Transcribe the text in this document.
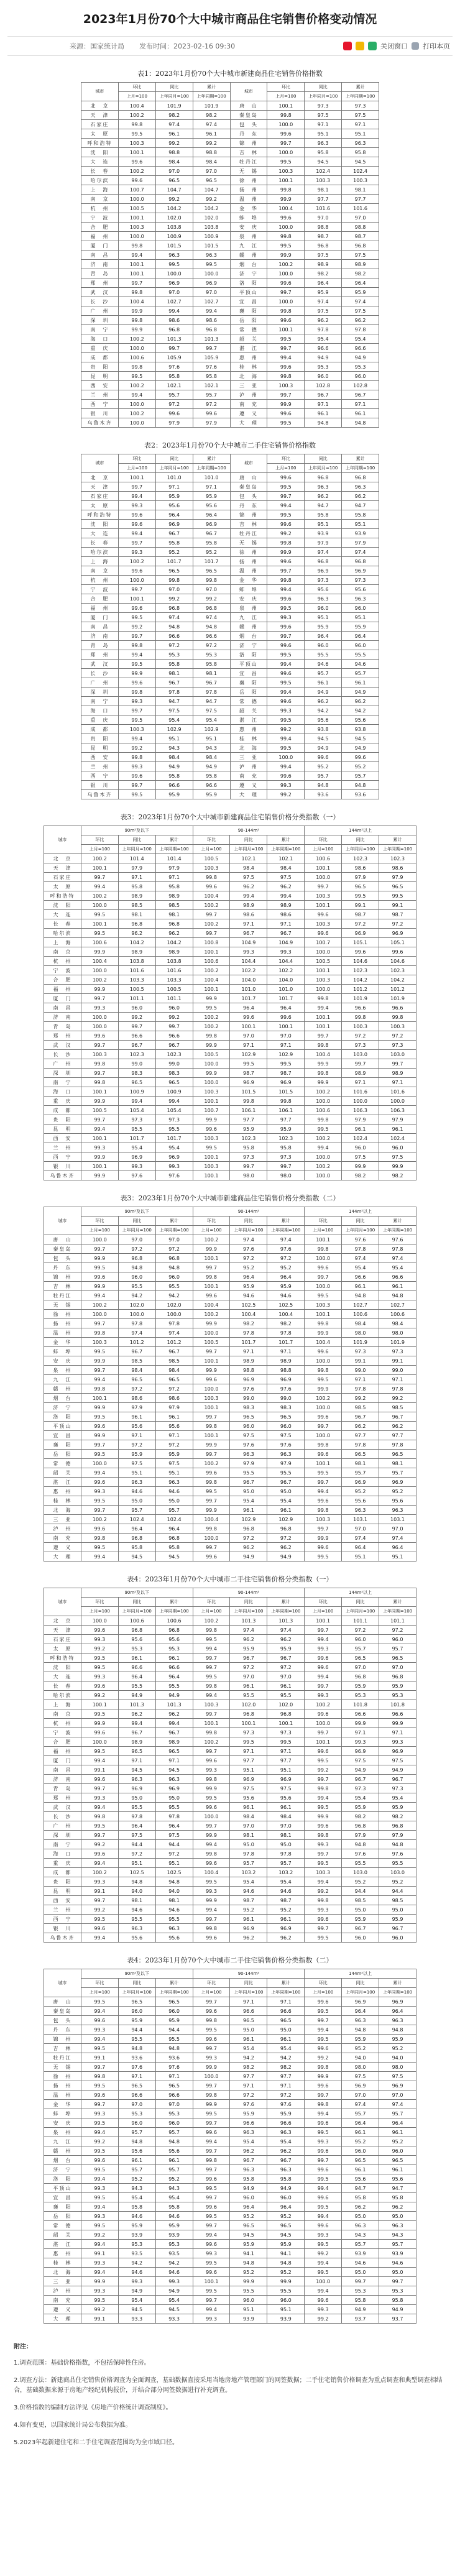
2023年1月份70个大中城市商品住宅销售价格变动情况
来源：国家统计局 发布时间：2023-02-16 09:30	关闭窗口 打印本页
表1：2023年1月份70个大中城市新建商品住宅销售价格指数
城市	环比	同比	累计	城市	环比	同比	累计
	上月=100	上年同月=100	上年同期=100		上月=100	上年同月=100	上年同期=100
北　京	100.4	101.9	101.9	唐　山	100.1	97.3	97.3
天　津	100.2	98.2	98.2	秦皇岛	99.8	97.5	97.5
石家庄	99.8	97.4	97.4	包　头	100.0	97.1	97.1
太　原	99.5	96.1	96.1	丹　东	99.6	95.1	95.1
呼和浩特	100.3	99.2	99.2	锦　州	99.7	96.3	96.3
沈　阳	100.1	98.8	98.8	吉　林	100.0	95.8	95.8
大　连	99.6	98.4	98.4	牡丹江	99.5	94.5	94.5
长　春	100.2	97.0	97.0	无　锡	100.3	102.4	102.4
哈尔滨	99.6	96.5	96.5	徐　州	100.1	100.3	100.3
上　海	100.7	104.7	104.7	扬　州	99.8	98.1	98.1
南　京	100.0	99.2	99.2	温　州	99.9	97.7	97.7
杭　州	100.5	104.2	104.2	金　华	100.4	101.6	101.6
宁　波	100.1	102.0	102.0	蚌　埠	99.6	97.0	97.0
合　肥	100.3	103.8	103.8	安　庆	100.0	98.8	98.8
福　州	100.0	100.9	100.9	泉　州	99.8	98.7	98.7
厦　门	99.8	101.5	101.5	九　江	99.5	96.8	96.8
南　昌	99.4	96.3	96.3	赣　州	99.9	97.5	97.5
济　南	100.1	99.5	99.5	烟　台	100.2	98.9	98.9
青　岛	100.1	100.0	100.0	济　宁	100.0	98.2	98.2
郑　州	99.7	96.9	96.9	洛　阳	99.6	96.4	96.4
武　汉	99.8	97.0	97.0	平顶山	99.7	95.9	95.9
长　沙	100.4	102.7	102.7	宜　昌	100.0	97.4	97.4
广　州	99.9	99.4	99.4	襄　阳	99.8	97.5	97.5
深　圳	99.8	98.6	98.6	岳　阳	99.6	96.2	96.2
南　宁	99.9	96.8	96.8	常　德	100.1	97.8	97.8
海　口	100.2	101.3	101.3	韶　关	99.5	95.4	95.4
重　庆	100.0	99.7	99.7	湛　江	99.7	96.6	96.6
成　都	100.6	105.9	105.9	惠　州	99.4	94.9	94.9
贵　阳	99.8	97.6	97.6	桂　林	99.6	95.3	95.3
昆　明	99.5	95.8	95.8	北　海	99.8	96.0	96.0
西　安	100.2	102.1	102.1	三　亚	100.3	102.8	102.8
兰　州	99.4	95.7	95.7	泸　州	99.7	96.7	96.7
西　宁	100.0	97.2	97.2	南　充	99.9	97.1	97.1
银　川	100.2	99.6	99.6	遵　义	99.6	96.1	96.1
乌鲁木齐	100.0	97.9	97.9	大　理	99.5	94.8	94.8
表2：2023年1月份70个大中城市二手住宅销售价格指数
城市	环比	同比	累计	城市	环比	同比	累计
	上月=100	上年同月=100	上年同期=100		上月=100	上年同月=100	上年同期=100
北　京	100.1	101.0	101.0	唐　山	99.6	96.8	96.8
天　津	99.7	97.1	97.1	秦皇岛	99.5	96.3	96.3
石家庄	99.4	95.9	95.9	包　头	99.7	96.2	96.2
太　原	99.3	95.6	95.6	丹　东	99.4	94.7	94.7
呼和浩特	99.6	96.4	96.4	锦　州	99.5	95.8	95.8
沈　阳	99.6	96.9	96.9	吉　林	99.6	95.1	95.1
大　连	99.4	96.7	96.7	牡丹江	99.2	93.9	93.9
长　春	99.7	95.8	95.8	无　锡	99.8	97.9	97.9
哈尔滨	99.3	95.2	95.2	徐　州	99.9	97.4	97.4
上　海	100.2	101.7	101.7	扬　州	99.6	96.8	96.8
南　京	99.6	96.5	96.5	温　州	99.7	96.9	96.9
杭　州	100.0	99.8	99.8	金　华	99.8	97.3	97.3
宁　波	99.7	97.0	97.0	蚌　埠	99.4	95.6	95.6
合　肥	100.1	99.2	99.2	安　庆	99.6	96.3	96.3
福　州	99.6	96.8	96.8	泉　州	99.5	96.0	96.0
厦　门	99.5	97.4	97.4	九　江	99.3	95.1	95.1
南　昌	99.2	94.8	94.8	赣　州	99.6	95.9	95.9
济　南	99.7	96.6	96.6	烟　台	99.7	96.4	96.4
青　岛	99.8	97.2	97.2	济　宁	99.6	96.0	96.0
郑　州	99.4	95.3	95.3	洛　阳	99.5	95.5	95.5
武　汉	99.5	95.8	95.8	平顶山	99.4	94.6	94.6
长　沙	99.9	98.1	98.1	宜　昌	99.6	95.7	95.7
广　州	99.6	96.7	96.7	襄　阳	99.5	96.1	96.1
深　圳	99.8	97.8	97.8	岳　阳	99.4	94.9	94.9
南　宁	99.3	94.7	94.7	常　德	99.6	96.2	96.2
海　口	99.7	97.5	97.5	韶　关	99.3	94.2	94.2
重　庆	99.5	95.4	95.4	湛　江	99.5	95.6	95.6
成　都	100.3	102.9	102.9	惠　州	99.2	93.8	93.8
贵　阳	99.4	95.1	95.1	桂　林	99.4	94.5	94.5
昆　明	99.2	94.3	94.3	北　海	99.5	94.9	94.9
西　安	99.8	98.4	98.4	三　亚	100.0	99.6	99.6
兰　州	99.3	94.9	94.9	泸　州	99.4	95.2	95.2
西　宁	99.6	95.8	95.8	南　充	99.6	95.7	95.7
银　川	99.7	96.6	96.6	遵　义	99.3	94.8	94.8
乌鲁木齐	99.5	95.9	95.9	大　理	99.2	93.6	93.6
表3：2023年1月份70个大中城市新建商品住宅销售价格分类指数（一）
城市	90m²及以下			90-144m²			144m²以上		
	环比	同比	累计	环比	同比	累计	环比	同比	累计
	上月=100	上年同月=100	上年同期=100	上月=100	上年同月=100	上年同期=100	上月=100	上年同月=100	上年同期=100
北　京	100.2	101.4	101.4	100.5	102.1	102.1	100.6	102.3	102.3
天　津	100.1	97.9	97.9	100.3	98.4	98.4	100.1	98.6	98.6
石家庄	99.7	97.1	97.1	99.8	97.5	97.5	100.0	97.9	97.9
太　原	99.4	95.8	95.8	99.6	96.2	96.2	99.7	96.5	96.5
呼和浩特	100.2	98.9	98.9	100.4	99.4	99.4	100.3	99.5	99.5
沈　阳	100.0	98.5	98.5	100.2	98.9	98.9	100.1	99.1	99.1
大　连	99.5	98.1	98.1	99.7	98.6	98.6	99.6	98.7	98.7
长　春	100.1	96.8	96.8	100.2	97.1	97.1	100.3	97.2	97.2
哈尔滨	99.5	96.2	96.2	99.7	96.7	96.7	99.6	96.9	96.9
上　海	100.6	104.2	104.2	100.8	104.9	104.9	100.7	105.1	105.1
南　京	99.9	98.9	98.9	100.1	99.3	99.3	100.0	99.6	99.6
杭　州	100.4	103.8	103.8	100.6	104.4	104.4	100.5	104.6	104.6
宁　波	100.0	101.6	101.6	100.2	102.2	102.2	100.1	102.3	102.3
合　肥	100.2	103.3	103.3	100.4	104.0	104.0	100.3	104.2	104.2
福　州	99.9	100.5	100.5	100.1	101.0	101.0	100.0	101.2	101.2
厦　门	99.7	101.1	101.1	99.9	101.7	101.7	99.8	101.9	101.9
南　昌	99.3	96.0	96.0	99.5	96.4	96.4	99.4	96.6	96.6
济　南	100.0	99.2	99.2	100.2	99.6	99.6	100.1	99.8	99.8
青　岛	100.0	99.7	99.7	100.2	100.1	100.1	100.1	100.3	100.3
郑　州	99.6	96.6	96.6	99.8	97.0	97.0	99.7	97.2	97.2
武　汉	99.7	96.7	96.7	99.9	97.1	97.1	99.8	97.3	97.3
长　沙	100.3	102.3	102.3	100.5	102.9	102.9	100.4	103.0	103.0
广　州	99.8	99.0	99.0	100.0	99.5	99.5	99.9	99.7	99.7
深　圳	99.7	98.3	98.3	99.9	98.7	98.7	99.8	98.9	98.9
南　宁	99.8	96.5	96.5	100.0	96.9	96.9	99.9	97.1	97.1
海　口	100.1	100.9	100.9	100.3	101.5	101.5	100.2	101.6	101.6
重　庆	99.9	99.4	99.4	100.1	99.8	99.8	100.0	100.0	100.0
成　都	100.5	105.4	105.4	100.7	106.1	106.1	100.6	106.3	106.3
贵　阳	99.7	97.3	97.3	99.9	97.7	97.7	99.8	97.9	97.9
昆　明	99.4	95.5	95.5	99.6	95.9	95.9	99.5	96.1	96.1
西　安	100.1	101.7	101.7	100.3	102.3	102.3	100.2	102.4	102.4
兰　州	99.3	95.4	95.4	99.5	95.8	95.8	99.4	96.0	96.0
西　宁	99.9	96.9	96.9	100.1	97.3	97.3	100.0	97.5	97.5
银　川	100.1	99.3	99.3	100.3	99.7	99.7	100.2	99.9	99.9
乌鲁木齐	99.9	97.6	97.6	100.1	98.0	98.0	100.0	98.2	98.2
表3：2023年1月份70个大中城市新建商品住宅销售价格分类指数（二）
城市	90m²及以下			90-144m²			144m²以上		
	环比	同比	累计	环比	同比	累计	环比	同比	累计
	上月=100	上年同月=100	上年同期=100	上月=100	上年同月=100	上年同期=100	上月=100	上年同月=100	上年同期=100
唐　山	100.0	97.0	97.0	100.2	97.4	97.4	100.1	97.6	97.6
秦皇岛	99.7	97.2	97.2	99.9	97.6	97.6	99.8	97.8	97.8
包　头	99.9	96.8	96.8	100.1	97.2	97.2	100.0	97.4	97.4
丹　东	99.5	94.8	94.8	99.7	95.2	95.2	99.6	95.4	95.4
锦　州	99.6	96.0	96.0	99.8	96.4	96.4	99.7	96.6	96.6
吉　林	99.9	95.5	95.5	100.1	95.9	95.9	100.0	96.1	96.1
牡丹江	99.4	94.2	94.2	99.6	94.6	94.6	99.5	94.8	94.8
无　锡	100.2	102.0	102.0	100.4	102.5	102.5	100.3	102.7	102.7
徐　州	100.0	100.0	100.0	100.2	100.4	100.4	100.1	100.6	100.6
扬　州	99.7	97.8	97.8	99.9	98.2	98.2	99.8	98.4	98.4
温　州	99.8	97.4	97.4	100.0	97.8	97.8	99.9	98.0	98.0
金　华	100.3	101.2	101.2	100.5	101.7	101.7	100.4	101.9	101.9
蚌　埠	99.5	96.7	96.7	99.7	97.1	97.1	99.6	97.3	97.3
安　庆	99.9	98.5	98.5	100.1	98.9	98.9	100.0	99.1	99.1
泉　州	99.7	98.4	98.4	99.9	98.8	98.8	99.8	99.0	99.0
九　江	99.4	96.5	96.5	99.6	96.9	96.9	99.5	97.1	97.1
赣　州	99.8	97.2	97.2	100.0	97.6	97.6	99.9	97.8	97.8
烟　台	100.1	98.6	98.6	100.3	99.0	99.0	100.2	99.2	99.2
济　宁	99.9	97.9	97.9	100.1	98.3	98.3	100.0	98.5	98.5
洛　阳	99.5	96.1	96.1	99.7	96.5	96.5	99.6	96.7	96.7
平顶山	99.6	95.6	95.6	99.8	96.0	96.0	99.7	96.2	96.2
宜　昌	99.9	97.1	97.1	100.1	97.5	97.5	100.0	97.7	97.7
襄　阳	99.7	97.2	97.2	99.9	97.6	97.6	99.8	97.8	97.8
岳　阳	99.5	95.9	95.9	99.7	96.3	96.3	99.6	96.5	96.5
常　德	100.0	97.5	97.5	100.2	97.9	97.9	100.1	98.1	98.1
韶　关	99.4	95.1	95.1	99.6	95.5	95.5	99.5	95.7	95.7
湛　江	99.6	96.3	96.3	99.8	96.7	96.7	99.7	96.9	96.9
惠　州	99.3	94.6	94.6	99.5	95.0	95.0	99.4	95.2	95.2
桂　林	99.5	95.0	95.0	99.7	95.4	95.4	99.6	95.6	95.6
北　海	99.7	95.7	95.7	99.9	96.1	96.1	99.8	96.3	96.3
三　亚	100.2	102.4	102.4	100.4	102.9	102.9	100.3	103.1	103.1
泸　州	99.6	96.4	96.4	99.8	96.8	96.8	99.7	97.0	97.0
南　充	99.8	96.8	96.8	100.0	97.2	97.2	99.9	97.4	97.4
遵　义	99.5	95.8	95.8	99.7	96.2	96.2	99.6	96.4	96.4
大　理	99.4	94.5	94.5	99.6	94.9	94.9	99.5	95.1	95.1
表4：2023年1月份70个大中城市二手住宅销售价格分类指数（一）
城市	90m²及以下			90-144m²			144m²以上		
	环比	同比	累计	环比	同比	累计	环比	同比	累计
	上月=100	上年同月=100	上年同期=100	上月=100	上年同月=100	上年同期=100	上月=100	上年同月=100	上年同期=100
北　京	100.0	100.6	100.6	100.2	101.3	101.3	100.1	101.1	101.1
天　津	99.6	96.8	96.8	99.8	97.4	97.4	99.7	97.2	97.2
石家庄	99.3	95.6	95.6	99.5	96.2	96.2	99.4	96.0	96.0
太　原	99.2	95.3	95.3	99.4	95.9	95.9	99.3	95.7	95.7
呼和浩特	99.5	96.1	96.1	99.7	96.7	96.7	99.6	96.5	96.5
沈　阳	99.5	96.6	96.6	99.7	97.2	97.2	99.6	97.0	97.0
大　连	99.3	96.4	96.4	99.5	97.0	97.0	99.4	96.8	96.8
长　春	99.6	95.5	95.5	99.8	96.1	96.1	99.7	95.9	95.9
哈尔滨	99.2	94.9	94.9	99.4	95.5	95.5	99.3	95.3	95.3
上　海	100.1	101.3	101.3	100.3	102.0	102.0	100.2	101.8	101.8
南　京	99.5	96.2	96.2	99.7	96.8	96.8	99.6	96.6	96.6
杭　州	99.9	99.4	99.4	100.1	100.1	100.1	100.0	99.9	99.9
宁　波	99.6	96.7	96.7	99.8	97.3	97.3	99.7	97.1	97.1
合　肥	100.0	98.9	98.9	100.2	99.5	99.5	100.1	99.3	99.3
福　州	99.5	96.5	96.5	99.7	97.1	97.1	99.6	96.9	96.9
厦　门	99.4	97.1	97.1	99.6	97.7	97.7	99.5	97.5	97.5
南　昌	99.1	94.5	94.5	99.3	95.1	95.1	99.2	94.9	94.9
济　南	99.6	96.3	96.3	99.8	96.9	96.9	99.7	96.7	96.7
青　岛	99.7	96.9	96.9	99.9	97.5	97.5	99.8	97.3	97.3
郑　州	99.3	95.0	95.0	99.5	95.6	95.6	99.4	95.4	95.4
武　汉	99.4	95.5	95.5	99.6	96.1	96.1	99.5	95.9	95.9
长　沙	99.8	97.8	97.8	100.0	98.4	98.4	99.9	98.2	98.2
广　州	99.5	96.4	96.4	99.7	97.0	97.0	99.6	96.8	96.8
深　圳	99.7	97.5	97.5	99.9	98.1	98.1	99.8	97.9	97.9
南　宁	99.2	94.4	94.4	99.4	95.0	95.0	99.3	94.8	94.8
海　口	99.6	97.2	97.2	99.8	97.8	97.8	99.7	97.6	97.6
重　庆	99.4	95.1	95.1	99.6	95.7	95.7	99.5	95.5	95.5
成　都	100.2	102.5	102.5	100.4	103.2	103.2	100.3	103.0	103.0
贵　阳	99.3	94.8	94.8	99.5	95.4	95.4	99.4	95.2	95.2
昆　明	99.1	94.0	94.0	99.3	94.6	94.6	99.2	94.4	94.4
西　安	99.7	98.1	98.1	99.9	98.7	98.7	99.8	98.5	98.5
兰　州	99.2	94.6	94.6	99.4	95.2	95.2	99.3	95.0	95.0
西　宁	99.5	95.5	95.5	99.7	96.1	96.1	99.6	95.9	95.9
银　川	99.6	96.3	96.3	99.8	96.9	96.9	99.7	96.7	96.7
乌鲁木齐	99.4	95.6	95.6	99.6	96.2	96.2	99.5	96.0	96.0
表4：2023年1月份70个大中城市二手住宅销售价格分类指数（二）
城市	90m²及以下			90-144m²			144m²以上		
	环比	同比	累计	环比	同比	累计	环比	同比	累计
	上月=100	上年同月=100	上年同期=100	上月=100	上年同月=100	上年同期=100	上月=100	上年同月=100	上年同期=100
唐　山	99.5	96.5	96.5	99.7	97.1	97.1	99.6	96.9	96.9
秦皇岛	99.4	96.0	96.0	99.6	96.6	96.6	99.5	96.4	96.4
包　头	99.6	95.9	95.9	99.8	96.5	96.5	99.7	96.3	96.3
丹　东	99.3	94.4	94.4	99.5	95.0	95.0	99.4	94.8	94.8
锦　州	99.4	95.5	95.5	99.6	96.1	96.1	99.5	95.9	95.9
吉　林	99.5	94.8	94.8	99.7	95.4	95.4	99.6	95.2	95.2
牡丹江	99.1	93.6	93.6	99.3	94.2	94.2	99.2	94.0	94.0
无　锡	99.7	97.6	97.6	99.9	98.2	98.2	99.8	98.0	98.0
徐　州	99.8	97.1	97.1	100.0	97.7	97.7	99.9	97.5	97.5
扬　州	99.5	96.5	96.5	99.7	97.1	97.1	99.6	96.9	96.9
温　州	99.6	96.6	96.6	99.8	97.2	97.2	99.7	97.0	97.0
金　华	99.7	97.0	97.0	99.9	97.6	97.6	99.8	97.4	97.4
蚌　埠	99.3	95.3	95.3	99.5	95.9	95.9	99.4	95.7	95.7
安　庆	99.5	96.0	96.0	99.7	96.6	96.6	99.6	96.4	96.4
泉　州	99.4	95.7	95.7	99.6	96.3	96.3	99.5	96.1	96.1
九　江	99.2	94.8	94.8	99.4	95.4	95.4	99.3	95.2	95.2
赣　州	99.5	95.6	95.6	99.7	96.2	96.2	99.6	96.0	96.0
烟　台	99.6	96.1	96.1	99.8	96.7	96.7	99.7	96.5	96.5
济　宁	99.5	95.7	95.7	99.7	96.3	96.3	99.6	96.1	96.1
洛　阳	99.4	95.2	95.2	99.6	95.8	95.8	99.5	95.6	95.6
平顶山	99.3	94.3	94.3	99.5	94.9	94.9	99.4	94.7	94.7
宜　昌	99.5	95.4	95.4	99.7	96.0	96.0	99.6	95.8	95.8
襄　阳	99.4	95.8	95.8	99.6	96.4	96.4	99.5	96.2	96.2
岳　阳	99.3	94.6	94.6	99.5	95.2	95.2	99.4	95.0	95.0
常　德	99.5	95.9	95.9	99.7	96.5	96.5	99.6	96.3	96.3
韶　关	99.2	93.9	93.9	99.4	94.5	94.5	99.3	94.3	94.3
湛　江	99.4	95.3	95.3	99.6	95.9	95.9	99.5	95.7	95.7
惠　州	99.1	93.5	93.5	99.3	94.1	94.1	99.2	93.9	93.9
桂　林	99.3	94.2	94.2	99.5	94.8	94.8	99.4	94.6	94.6
北　海	99.4	94.6	94.6	99.6	95.2	95.2	99.5	95.0	95.0
三　亚	99.9	99.3	99.3	100.1	99.9	99.9	100.0	99.7	99.7
泸　州	99.3	94.9	94.9	99.5	95.5	95.5	99.4	95.3	95.3
南　充	99.5	95.4	95.4	99.7	96.0	96.0	99.6	95.8	95.8
遵　义	99.2	94.5	94.5	99.4	95.1	95.1	99.3	94.9	94.9
大　理	99.1	93.3	93.3	99.3	93.9	93.9	99.2	93.7	93.7
附注：

1.调查范围：基础价格指数，不包括保障性住房。

2.调查方法：新建商品住宅销售价格调查为全面调查，基础数据直接采用当地房地产管理部门的网签数据；二手住宅销售价格调查为重点调查和典型调查相结合，基础数据来源于房地产经纪机构报价，并结合部分网签数据进行补充调查。

3.价格指数的编制方法详见《房地产价格统计调查制度》。

4.如有变更，以国家统计局公布数据为准。

5.2023年起新建住宅和二手住宅调查范围均为全市域口径。
